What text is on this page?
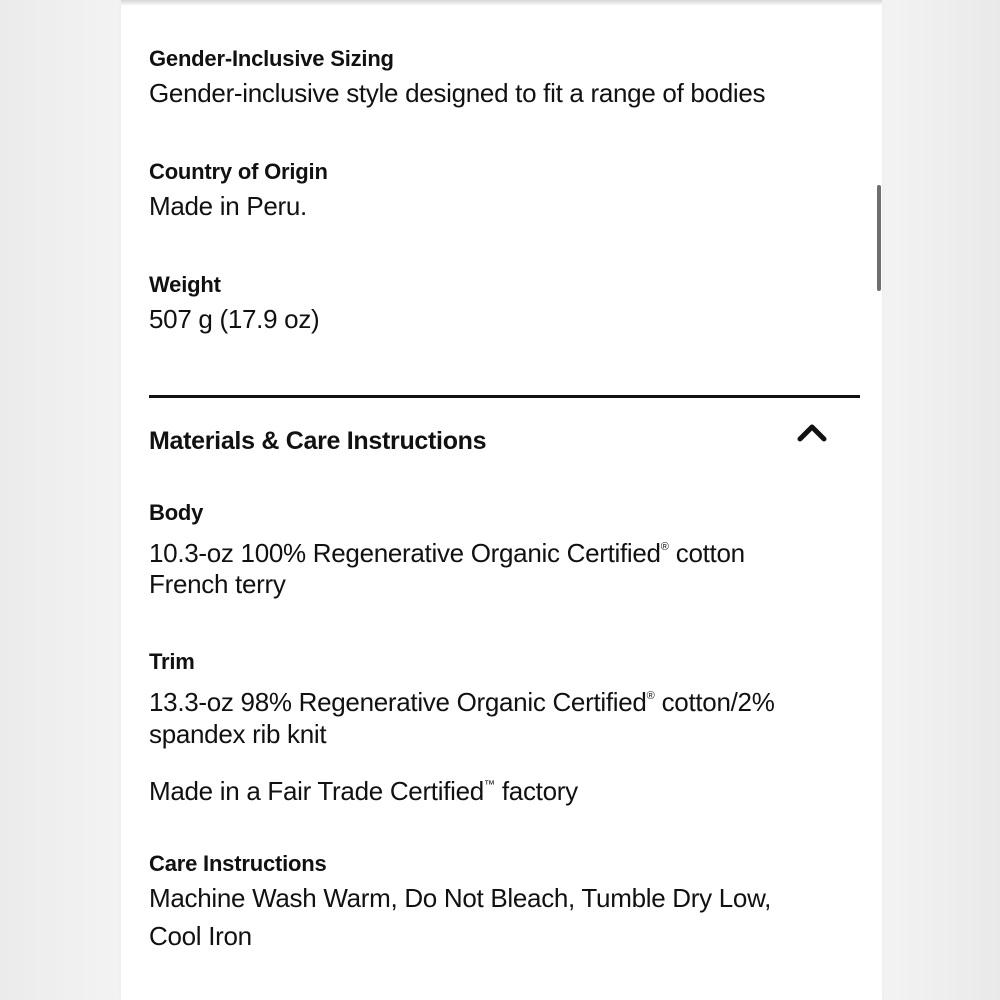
Gender-Inclusive Sizing
Gender-inclusive style designed to fit a range of bodies
Country of Origin
Made in Peru.
Weight
507 g (17.9 oz)
Materials & Care Instructions
Body
10.3-oz 100% Regenerative Organic Certified® cotton
French terry
Trim
13.3-oz 98% Regenerative Organic Certified® cotton/2%
spandex rib knit
Made in a Fair Trade Certified™ factory
Care Instructions
Machine Wash Warm, Do Not Bleach, Tumble Dry Low,
Cool Iron
